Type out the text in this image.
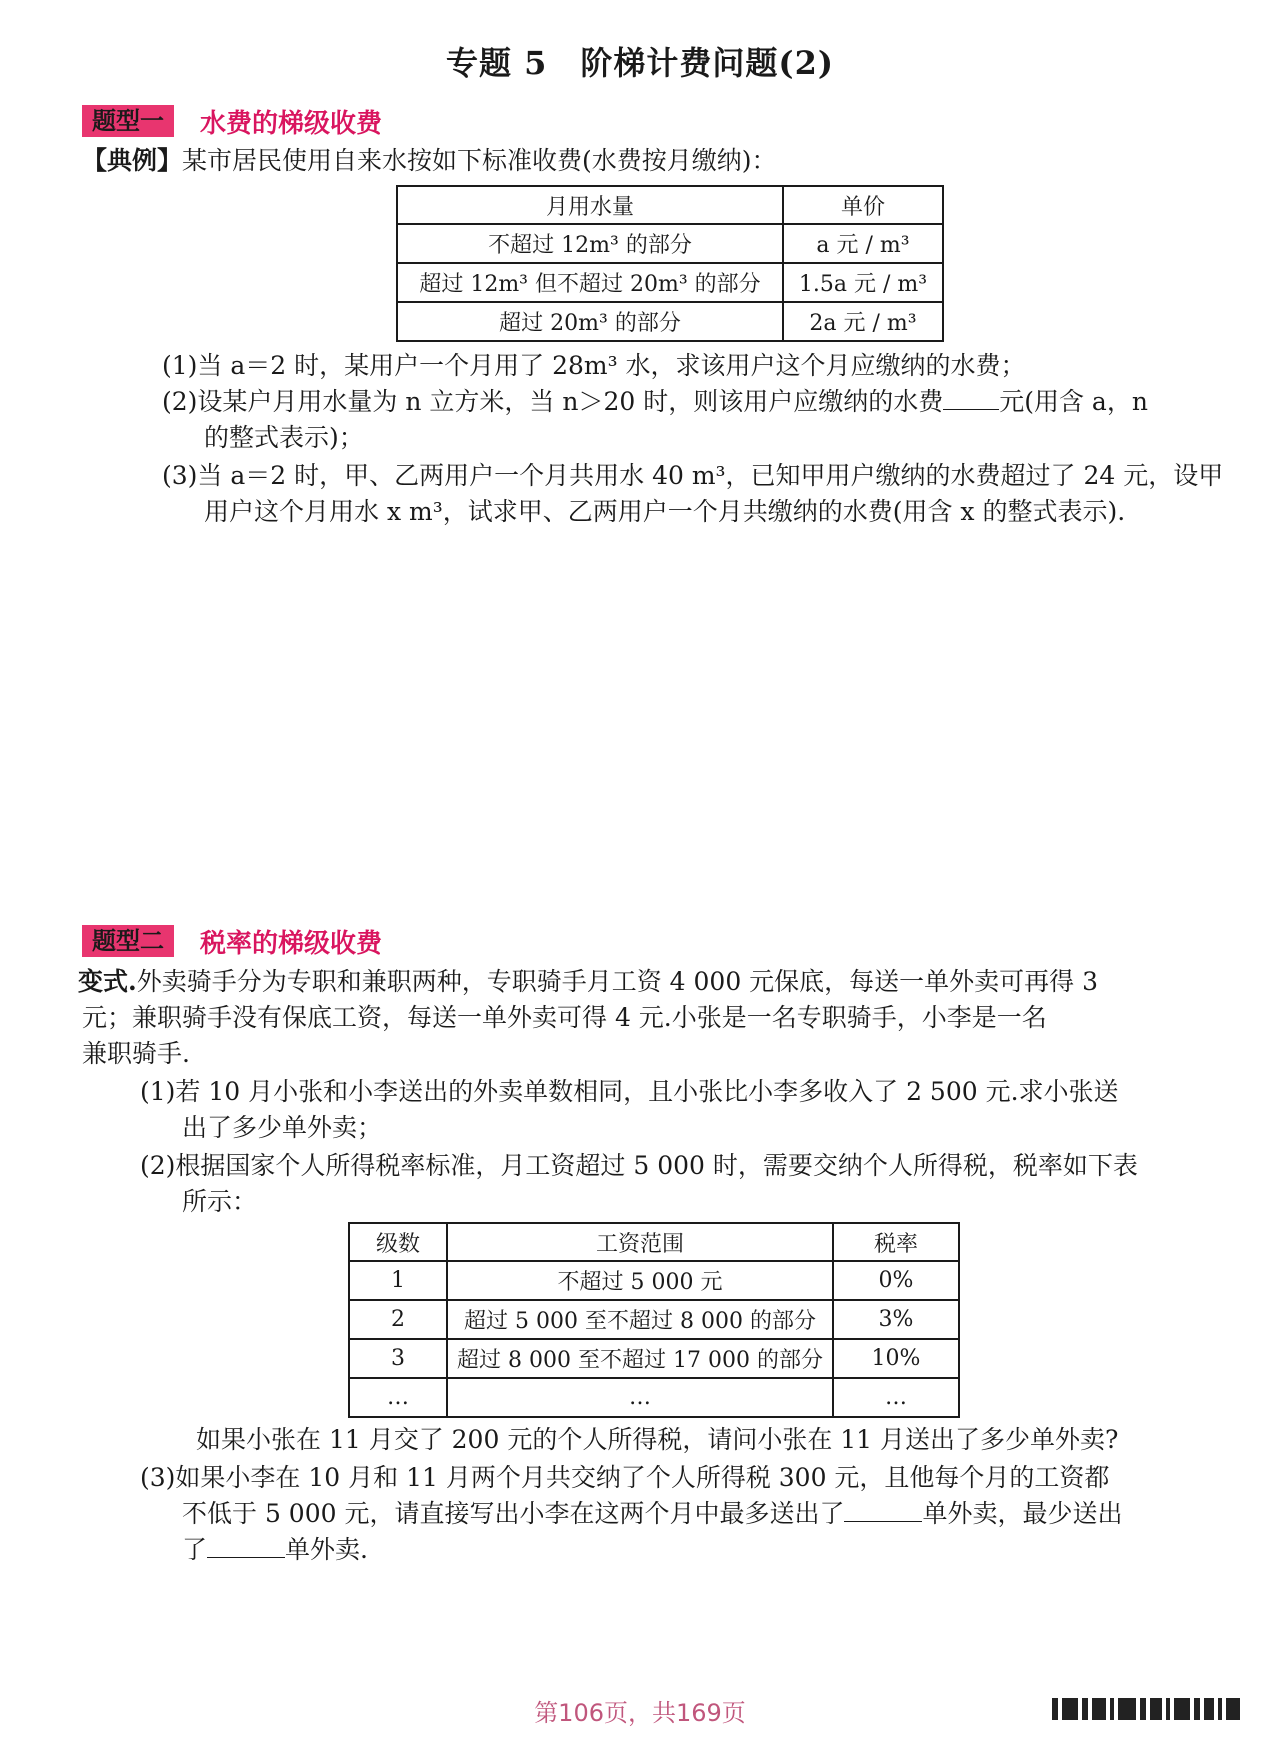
专题 5　阶梯计费问题(2)
题型一	水费的梯级收费
【典例】某市居民使用自来水按如下标准收费(水费按月缴纳)：
月用水量	单价
不超过 12m³ 的部分	a 元 / m³
超过 12m³ 但不超过 20m³ 的部分	1.5a 元 / m³
超过 20m³ 的部分	2a 元 / m³
(1)当 a＝2 时，某用户一个月用了 28m³ 水，求该用户这个月应缴纳的水费；
(2)设某户月用水量为 n 立方米，当 n＞20 时，则该用户应缴纳的水费 元(用含 a，n
的整式表示)；
(3)当 a＝2 时，甲、乙两用户一个月共用水 40 m³，已知甲用户缴纳的水费超过了 24 元，设甲
用户这个月用水 x m³，试求甲、乙两用户一个月共缴纳的水费(用含 x 的整式表示).
题型二	税率的梯级收费
变式.外卖骑手分为专职和兼职两种，专职骑手月工资 4 000 元保底，每送一单外卖可再得 3
元；兼职骑手没有保底工资，每送一单外卖可得 4 元.小张是一名专职骑手，小李是一名
兼职骑手.
(1)若 10 月小张和小李送出的外卖单数相同，且小张比小李多收入了 2 500 元.求小张送
出了多少单外卖；
(2)根据国家个人所得税率标准，月工资超过 5 000 时，需要交纳个人所得税，税率如下表
所示：
级数	工资范围	税率
1	不超过 5 000 元	0%
2	超过 5 000 至不超过 8 000 的部分	3%
3	超过 8 000 至不超过 17 000 的部分	10%
…	…	…
如果小张在 11 月交了 200 元的个人所得税，请问小张在 11 月送出了多少单外卖?
(3)如果小李在 10 月和 11 月两个月共交纳了个人所得税 300 元，且他每个月的工资都
不低于 5 000 元，请直接写出小李在这两个月中最多送出了	单外卖，最少送出
了	单外卖.
第106页，共169页
